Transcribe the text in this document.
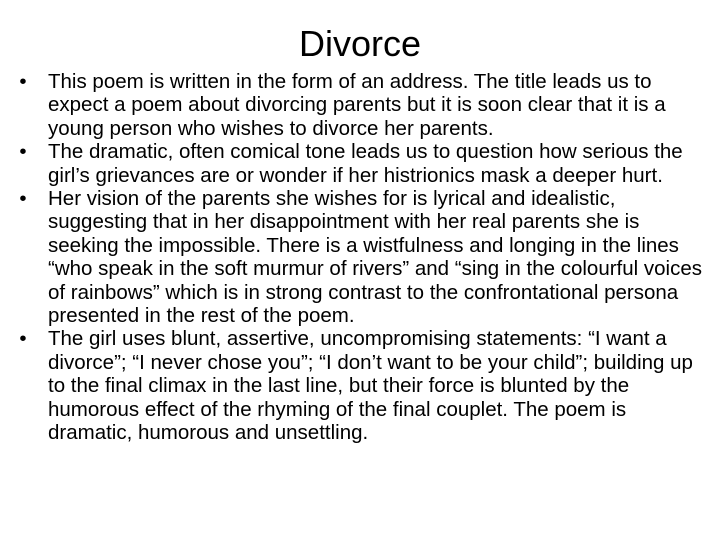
Divorce
• This poem is written in the form of an address. The title leads us to expect a poem about divorcing parents but it is soon clear that it is a young person who wishes to divorce her parents.
• The dramatic, often comical tone leads us to question how serious the girl’s grievances are or wonder if her histrionics mask a deeper hurt.
• Her vision of the parents she wishes for is lyrical and idealistic, suggesting that in her disappointment with her real parents she is seeking the impossible. There is a wistfulness and longing in the lines “who speak in the soft murmur of rivers” and “sing in the colourful voices of rainbows” which is in strong contrast to the confrontational persona presented in the rest of the poem.
• The girl uses blunt, assertive, uncompromising statements: “I want a divorce”; “I never chose you”; “I don’t want to be your child”; building up to the final climax in the last line, but their force is blunted by the humorous effect of the rhyming of the final couplet. The poem is dramatic, humorous and unsettling.
